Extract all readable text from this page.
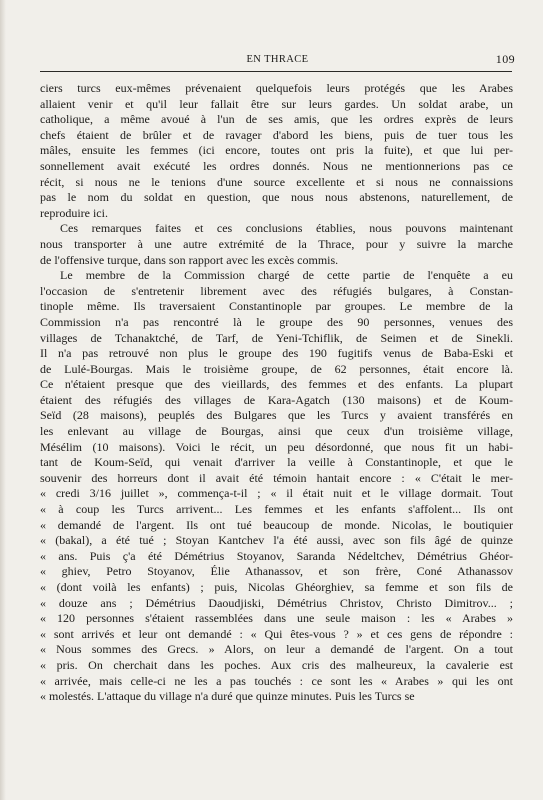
EN THRACE	109
ciers turcs eux-mêmes prévenaient quelquefois leurs protégés que les Arabes
allaient venir et qu'il leur fallait être sur leurs gardes. Un soldat arabe, un
catholique, a même avoué à l'un de ses amis, que les ordres exprès de leurs
chefs étaient de brûler et de ravager d'abord les biens, puis de tuer tous les
mâles, ensuite les femmes (ici encore, toutes ont pris la fuite), et que lui per-
sonnellement avait exécuté les ordres donnés. Nous ne mentionnerions pas ce
récit, si nous ne le tenions d'une source excellente et si nous ne connaissions
pas le nom du soldat en question, que nous nous abstenons, naturellement, de
reproduire ici.
Ces remarques faites et ces conclusions établies, nous pouvons maintenant
nous transporter à une autre extrémité de la Thrace, pour y suivre la marche
de l'offensive turque, dans son rapport avec les excès commis.
Le membre de la Commission chargé de cette partie de l'enquête a eu
l'occasion de s'entretenir librement avec des réfugiés bulgares, à Constan-
tinople même. Ils traversaient Constantinople par groupes. Le membre de la
Commission n'a pas rencontré là le groupe des 90 personnes, venues des
villages de Tchanaktché, de Tarf, de Yeni-Tchiflik, de Seimen et de Sinekli.
Il n'a pas retrouvé non plus le groupe des 190 fugitifs venus de Baba-Eski et
de Lulé-Bourgas. Mais le troisième groupe, de 62 personnes, était encore là.
Ce n'étaient presque que des vieillards, des femmes et des enfants. La plupart
étaient des réfugiés des villages de Kara-Agatch (130 maisons) et de Koum-
Seïd (28 maisons), peuplés des Bulgares que les Turcs y avaient transférés en
les enlevant au village de Bourgas, ainsi que ceux d'un troisième village,
Mésélim (10 maisons). Voici le récit, un peu désordonné, que nous fit un habi-
tant de Koum-Seïd, qui venait d'arriver la veille à Constantinople, et que le
souvenir des horreurs dont il avait été témoin hantait encore : « C'était le mer-
« credi 3/16 juillet », commença-t-il ; « il était nuit et le village dormait. Tout
« à coup les Turcs arrivent... Les femmes et les enfants s'affolent... Ils ont
« demandé de l'argent. Ils ont tué beaucoup de monde. Nicolas, le boutiquier
« (bakal), a été tué ; Stoyan Kantchev l'a été aussi, avec son fils âgé de quinze
« ans. Puis ç'a été Démétrius Stoyanov, Saranda Nédeltchev, Démétrius Ghéor-
« ghiev, Petro Stoyanov, Élie Athanassov, et son frère, Coné Athanassov
« (dont voilà les enfants) ; puis, Nicolas Ghéorghiev, sa femme et son fils de
« douze ans ; Démétrius Daoudjiski, Démétrius Christov, Christo Dimitrov... ;
« 120 personnes s'étaient rassemblées dans une seule maison : les « Arabes »
« sont arrivés et leur ont demandé : « Qui êtes-vous ? » et ces gens de répondre :
« Nous sommes des Grecs. » Alors, on leur a demandé de l'argent. On a tout
« pris. On cherchait dans les poches. Aux cris des malheureux, la cavalerie est
« arrivée, mais celle-ci ne les a pas touchés : ce sont les « Arabes » qui les ont
« molestés. L'attaque du village n'a duré que quinze minutes. Puis les Turcs se
